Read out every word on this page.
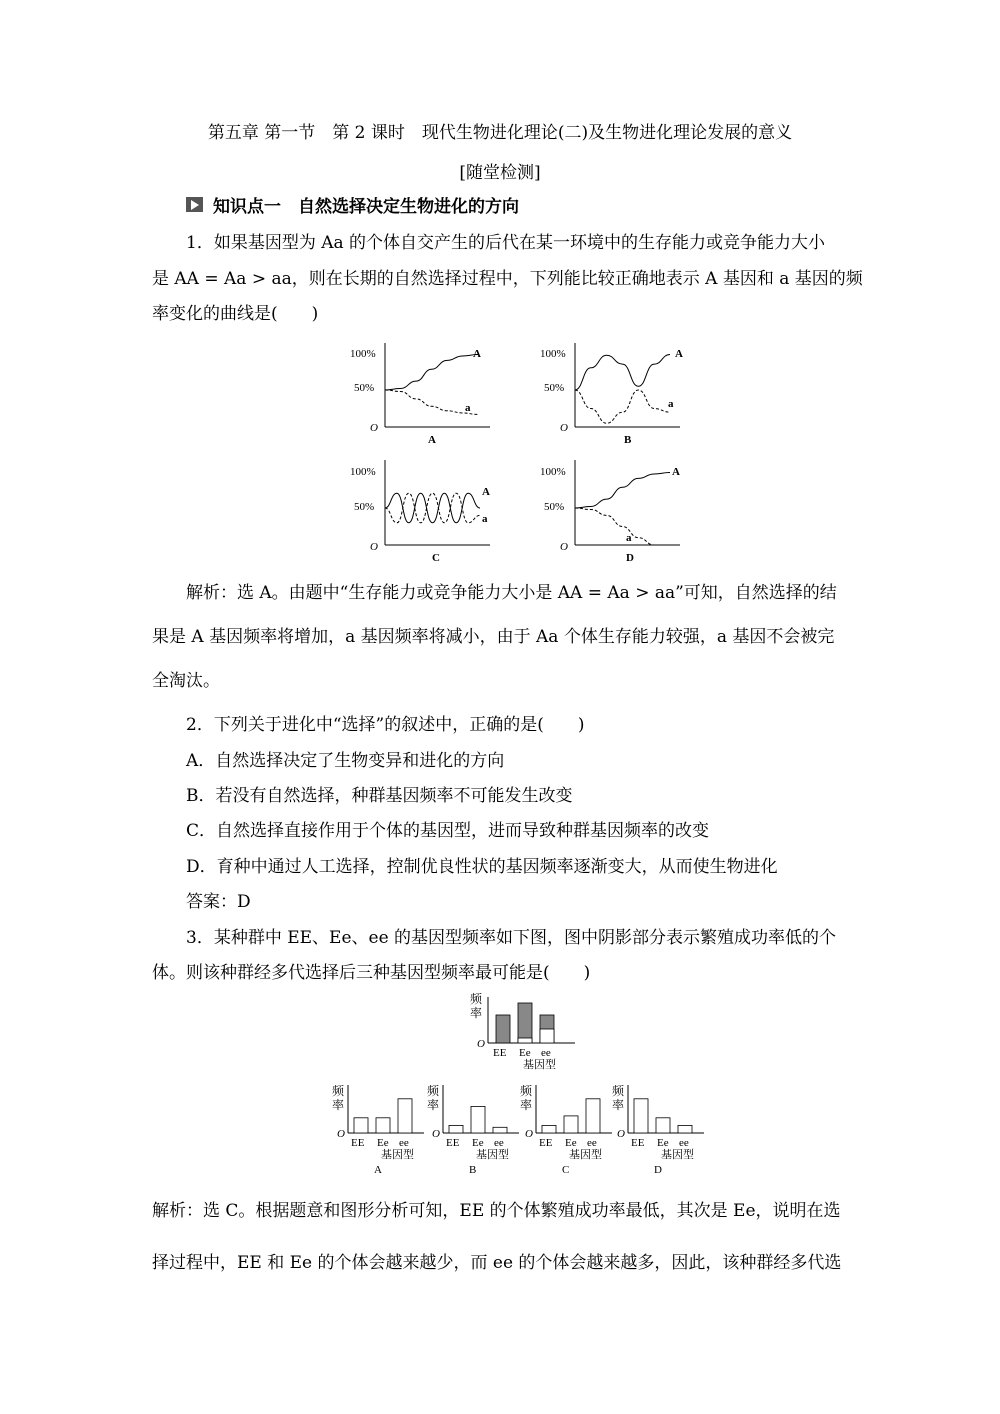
第五章 第一节　第 2 课时　现代生物进化理论(二)及生物进化理论发展的意义
[随堂检测]
知识点一　自然选择决定生物进化的方向
1．如果基因型为 Aa 的个体自交产生的后代在某一环境中的生存能力或竞争能力大小
是 AA = Aa > aa，则在长期的自然选择过程中，下列能比较正确地表示 A 基因和 a 基因的频
率变化的曲线是(　　)
100%
50%
O
A
a
A
100%
50%
O
A
a
B
100%
50%
O
A
a
C
100%
50%
O
A
a
D
解析：选 A。由题中“生存能力或竞争能力大小是 AA = Aa > aa”可知，自然选择的结
果是 A 基因频率将增加，a 基因频率将减小，由于 Aa 个体生存能力较强，a 基因不会被完
全淘汰。
2．下列关于进化中“选择”的叙述中，正确的是(　　)
A．自然选择决定了生物变异和进化的方向
B．若没有自然选择，种群基因频率不可能发生改变
C．自然选择直接作用于个体的基因型，进而导致种群基因频率的改变
D．育种中通过人工选择，控制优良性状的基因频率逐渐变大，从而使生物进化
答案：D
3．某种群中 EE、Ee、ee 的基因型频率如下图，图中阴影部分表示繁殖成功率低的个
体。则该种群经多代选择后三种基因型频率最可能是(　　)
频
率
O
EE Ee ee
基因型
频
率
O
EE Ee ee
基因型
A
频
率
O
EE Ee ee
基因型
B
频
率
O
EE Ee ee
基因型
C
频
率
O
EE Ee ee
基因型
D
解析：选 C。根据题意和图形分析可知，EE 的个体繁殖成功率最低，其次是 Ee，说明在选
择过程中，EE 和 Ee 的个体会越来越少，而 ee 的个体会越来越多，因此，该种群经多代选
